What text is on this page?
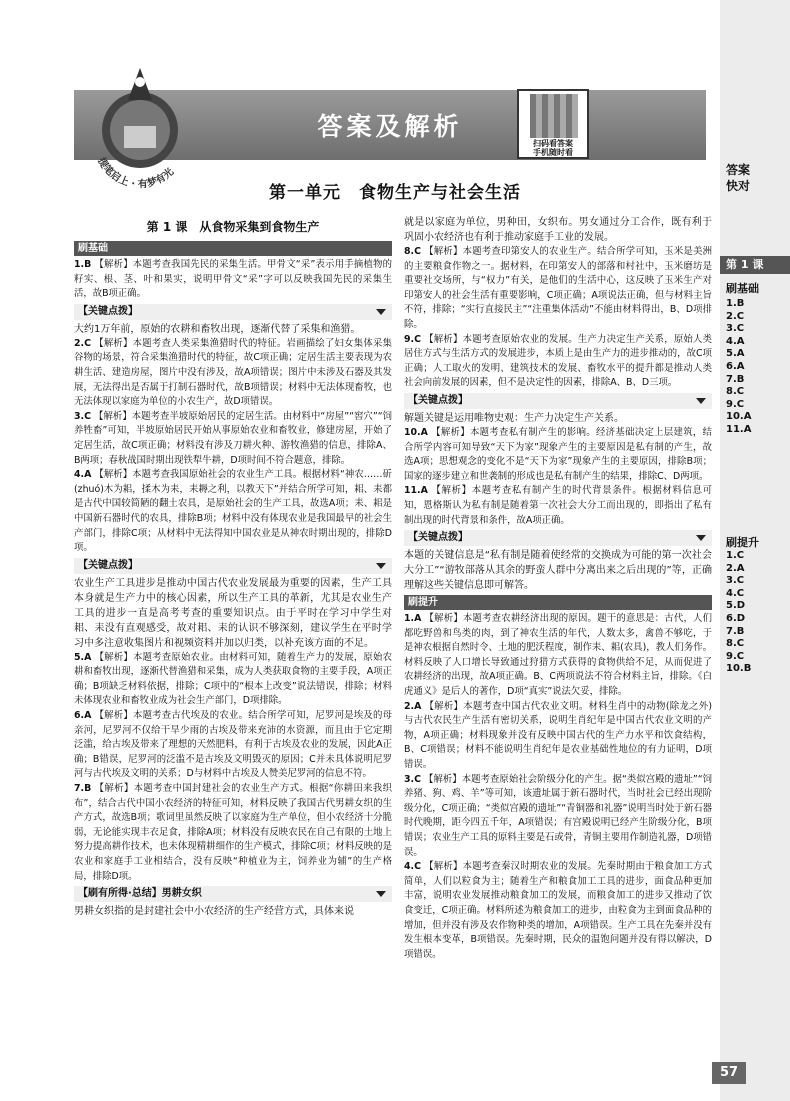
答案及解析
提笔启上 · 有梦有光
扫码看答案
手机随时看
第一单元　食物生产与社会生活
第 1 课　从食物采集到食物生产
刷基础
1.B 【解析】本题考查我国先民的采集生活。甲骨文“采”表示用手摘植物的籽实、根、茎、叶和果实，说明甲骨文“采”字可以反映我国先民的采集生活，故B项正确。
【关键点拨】
大约1万年前，原始的农耕和畜牧出现，逐渐代替了采集和渔猎。
2.C 【解析】本题考查人类采集渔猎时代的特征。岩画描绘了妇女集体采集谷物的场景，符合采集渔猎时代的特征，故C项正确；定居生活主要表现为农耕生活、建造房屋，图片中没有涉及，故A项错误；图片中未涉及石器及其发展，无法得出是否属于打制石器时代，故B项错误；材料中无法体现畜牧，也无法体现以家庭为单位的小农生产，故D项错误。
3.C 【解析】本题考查半坡原始居民的定居生活。由材料中“房屋”“窖穴”“饲养牲畜”可知，半坡原始居民开始从事原始农业和畜牧业，修建房屋，开始了定居生活，故C项正确；材料没有涉及刀耕火种、游牧渔猎的信息，排除A、B两项；春秋战国时期出现铁犁牛耕，D项时间不符合题意，排除。
4.A 【解析】本题考查我国原始社会的农业生产工具。根据材料“神农……斫(zhuó)木为耜，揉木为耒，耒耨之利，以教天下”并结合所学可知，耜、耒都是古代中国较简陋的翻土农具，是原始社会的生产工具，故选A项；耒、耜是中国新石器时代的农具，排除B项；材料中没有体现农业是我国最早的社会生产部门，排除C项；从材料中无法得知中国农业是从神农时期出现的，排除D项。
【关键点拨】
农业生产工具进步是推动中国古代农业发展最为重要的因素，生产工具本身就是生产力中的核心因素，所以生产工具的革新，尤其是农业生产工具的进步一直是高考考查的重要知识点。由于平时在学习中学生对耜、耒没有直观感受，故对耜、耒的认识不够深刻，建议学生在平时学习中多注意收集图片和视频资料并加以归类，以补充该方面的不足。
5.A 【解析】本题考查原始农业。由材料可知，随着生产力的发展，原始农耕和畜牧出现，逐渐代替渔猎和采集，成为人类获取食物的主要手段，A项正确；B项缺乏材料依据，排除；C项中的“根本上改变”说法错误，排除；材料未体现农业和畜牧业成为社会生产部门，D项排除。
6.A 【解析】本题考查古代埃及的农业。结合所学可知，尼罗河是埃及的母亲河，尼罗河不仅给干旱少雨的古埃及带来充沛的水资源，而且由于它定期泛滥，给古埃及带来了理想的天然肥料，有利于古埃及农业的发展，因此A正确；B错误，尼罗河的泛滥不是古埃及文明毁灭的原因；C并未具体说明尼罗河与古代埃及文明的关系；D与材料中古埃及人赞美尼罗河的信息不符。
7.B 【解析】本题考查中国封建社会的农业生产方式。根据“你耕田来我织布”，结合古代中国小农经济的特征可知，材料反映了我国古代男耕女织的生产方式，故选B项；歌词里虽然反映了以家庭为生产单位，但小农经济十分脆弱，无论能实现丰衣足食，排除A项；材料没有反映农民在自己有限的土地上努力提高耕作技术，也未体现精耕细作的生产模式，排除C项；材料反映的是农业和家庭手工业相结合，没有反映“种植业为主，饲养业为辅”的生产格局，排除D项。
【刷有所得·总结】男耕女织
男耕女织指的是封建社会中小农经济的生产经营方式，具体来说
就是以家庭为单位，男种田，女织布。男女通过分工合作，既有利于巩固小农经济也有利于推动家庭手工业的发展。
8.C 【解析】本题考查印第安人的农业生产。结合所学可知，玉米是美洲的主要粮食作物之一。据材料，在印第安人的部落和村社中，玉米磨坊是重要社交场所，与“权力”有关，是他们的生活中心，这反映了玉米生产对印第安人的社会生活有重要影响，C项正确；A项说法正确，但与材料主旨不符，排除；“实行直接民主”“注重集体活动”不能由材料得出，B、D项排除。
9.C 【解析】本题考查原始农业的发展。生产力决定生产关系，原始人类居住方式与生活方式的发展进步，本质上是由生产力的进步推动的，故C项正确；人工取火的发明、建筑技术的发展、畜牧水平的提升都是推动人类社会向前发展的因素，但不是决定性的因素，排除A、B、D三项。
【关键点拨】
解题关键是运用唯物史观：生产力决定生产关系。
10.A 【解析】本题考查私有制产生的影响。经济基础决定上层建筑，结合所学内容可知导致“天下为家”现象产生的主要原因是私有制的产生，故选A项；思想观念的变化不是“天下为家”现象产生的主要原因，排除B项；国家的逐步建立和世袭制的形成也是私有制产生的结果，排除C、D两项。
11.A 【解析】本题考查私有制产生的时代背景条件。根据材料信息可知，恩格斯认为私有制是随着第一次社会大分工而出现的，即指出了私有制出现的时代背景和条件，故A项正确。
【关键点拨】
本题的关键信息是“私有制是随着使经常的交换成为可能的第一次社会大分工”“游牧部落从其余的野蛮人群中分离出来之后出现的”等，正确理解这些关键信息即可解答。
刷提升
1.A 【解析】本题考查农耕经济出现的原因。题干的意思是：古代，人们都吃野兽和鸟类的肉，到了神农生活的年代，人数太多，禽兽不够吃，于是神农根据自然时令、土地的肥沃程度，制作耒、耜(农具)，教人们务作。材料反映了人口增长导致通过狩猎方式获得的食物供给不足，从而促进了农耕经济的出现，故A项正确。B、C两项说法不符合材料主旨，排除。《白虎通义》是后人的著作，D项“真实”说法欠妥，排除。
2.A 【解析】本题考查中国古代农业文明。材料生肖中的动物(除龙之外)与古代农民生产生活有密切关系，说明生肖纪年是中国古代农业文明的产物，A项正确；材料现象并没有反映中国古代的生产力水平和饮食结构，B、C项错误；材料不能说明生肖纪年是农业基础性地位的有力证明，D项错误。
3.C 【解析】本题考查原始社会阶级分化的产生。据“类似宫殿的遗址”“饲养猪、狗、鸡、羊”等可知，该遗址属于新石器时代，当时社会已经出现阶级分化，C项正确；“类似宫殿的遗址”“青铜器和礼器”说明当时处于新石器时代晚期，距今四五千年，A项错误；有宫殿说明已经产生阶级分化，B项错误；农业生产工具的原料主要是石或骨，青铜主要用作制造礼器，D项错误。
4.C 【解析】本题考查秦汉时期农业的发展。先秦时期由于粮食加工方式简单，人们以粒食为主；随着生产和粮食加工工具的进步，面食品种更加丰富，说明农业发展推动粮食加工的发展，而粮食加工的进步又推动了饮食变迁，C项正确。材料所述为粮食加工的进步，由粒食为主到面食品种的增加，但并没有涉及农作物种类的增加，A项错误。生产工具在先秦并没有发生根本变革，B项错误。先秦时期，民众的温饱问题并没有得以解决，D项错误。
答案
快对
第 1 课
刷基础
1.B
2.C
3.C
4.A
5.A
6.A
7.B
8.C
9.C
10.A
11.A
刷提升
1.C
2.A
3.C
4.C
5.D
6.D
7.B
8.C
9.C
10.B
57
